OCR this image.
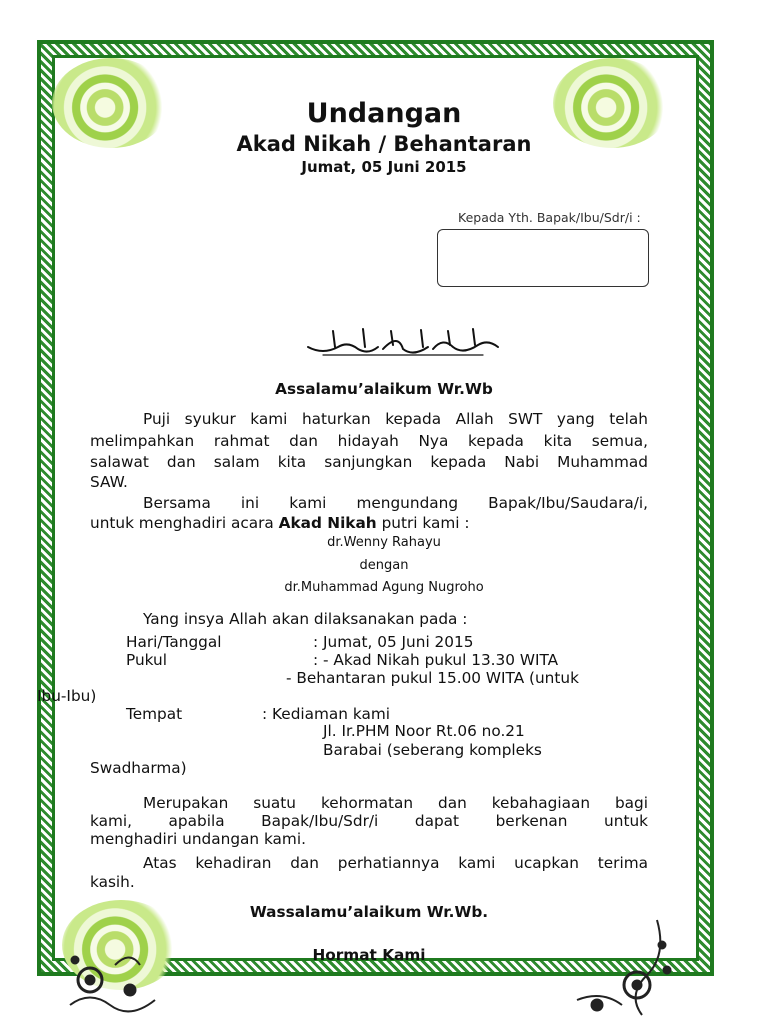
Undangan
Akad Nikah / Behantaran
Jumat, 05 Juni 2015
Kepada Yth. Bapak/Ibu/Sdr/i :
Assalamu’alaikum Wr.Wb
Puji syukur kami haturkan kepada Allah SWT yang telah
melimpahkan rahmat dan hidayah Nya kepada kita semua,
salawat dan salam kita sanjungkan kepada Nabi Muhammad
SAW.
Bersama ini kami mengundang Bapak/Ibu/Saudara/i,
untuk menghadiri acara Akad Nikah putri kami :
dr.Wenny Rahayu
dengan
dr.Muhammad Agung Nugroho
Yang insya Allah akan dilaksanakan pada :
Hari/Tanggal	: Jumat, 05 Juni 2015
Pukul	: - Akad Nikah pukul 13.30 WITA
- Behantaran pukul 15.00 WITA (untuk
Ibu-Ibu)
Tempat	: Kediaman kami
Jl. Ir.PHM Noor Rt.06 no.21
Barabai (seberang kompleks
Swadharma)
Merupakan suatu kehormatan dan kebahagiaan bagi
kami, apabila Bapak/Ibu/Sdr/i dapat berkenan untuk
menghadiri undangan kami.
Atas kehadiran dan perhatiannya kami ucapkan terima
kasih.
Wassalamu’alaikum Wr.Wb.
Hormat Kami
